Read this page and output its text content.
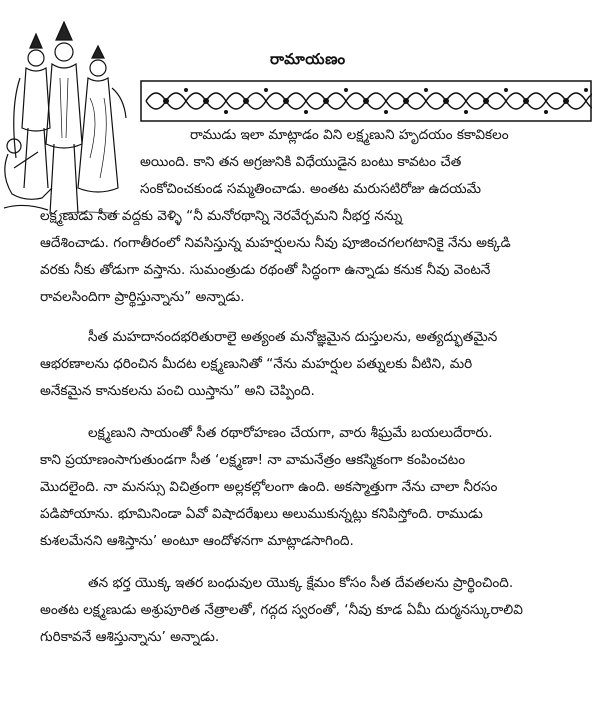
రామాయణం
రాముడు ఇలా మాట్లాడం విని లక్ష్మణుని హృదయం కకావికలం
అయింది. కాని తన అగ్రజునికి విధేయుడైన బంటు కావటం చేత
సంకోచించకుండ సమ్మతించాడు. అంతట మరుసటిరోజు ఉదయమే
లక్ష్మణుడు సీత వద్దకు వెళ్ళి “నీ మనోరథాన్ని నెరవేర్చమని నీభర్త నన్ను
ఆదేశించాడు. గంగాతీరంలో నివసిస్తున్న మహర్షులను నీవు పూజించగలగటానికై నేను అక్కడి
వరకు నీకు తోడుగా వస్తాను. సుమంత్రుడు రథంతో సిద్ధంగా ఉన్నాడు కనుక నీవు వెంటనే
రావలసిందిగా ప్రార్థిస్తున్నాను” అన్నాడు.
సీత మహదానందభరితురాలై అత్యంత మనోజ్ఞమైన దుస్తులను, అత్యద్భుతమైన
ఆభరణాలను ధరించిన మీదట లక్ష్మణునితో “నేను మహర్షుల పత్నులకు వీటిని, మరి
అనేకమైన కానుకలను పంచి యిస్తాను” అని చెప్పింది.
లక్ష్మణుని సాయంతో సీత రథారోహణం చేయగా, వారు శీఘ్రమే బయలుదేరారు.
కాని ప్రయాణంసాగుతుండగా సీత ‘లక్ష్మణా! నా వామనేత్రం ఆకస్మికంగా కంపించటం
మొదలైంది. నా మనస్సు విచిత్రంగా అల్లకల్లోలంగా ఉంది. అకస్మాత్తుగా నేను చాలా నీరసం
పడిపోయాను. భూమినిండా ఏవో విషాదరేఖలు అలుముకున్నట్లు కనిపిస్తోంది. రాముడు
కుశలమేనని ఆశిస్తాను’ అంటూ ఆందోళనగా మాట్లాడసాగింది.
తన భర్త యొక్క ఇతర బంధువుల యొక్క క్షేమం కోసం సీత దేవతలను ప్రార్థించింది.
అంతట లక్ష్మణుడు అశ్రుపూరిత నేత్రాలతో, గద్గద స్వరంతో, ‘నీవు కూడ ఏమీ దుర్మనస్కురాలివి
గురికావనే ఆశిస్తున్నాను’ అన్నాడు.
